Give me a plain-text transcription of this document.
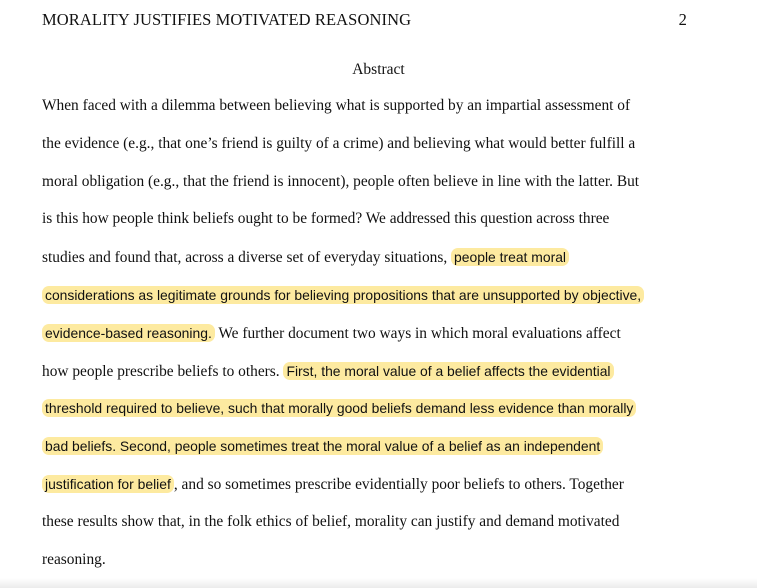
MORALITY JUSTIFIES MOTIVATED REASONING	2
Abstract
When faced with a dilemma between believing what is supported by an impartial assessment of
the evidence (e.g., that one’s friend is guilty of a crime) and believing what would better fulfill a
moral obligation (e.g., that the friend is innocent), people often believe in line with the latter. But
is this how people think beliefs ought to be formed? We addressed this question across three
studies and found that, across a diverse set of everyday situations, people treat moral
considerations as legitimate grounds for believing propositions that are unsupported by objective,
evidence-based reasoning. We further document two ways in which moral evaluations affect
how people prescribe beliefs to others. First, the moral value of a belief affects the evidential
threshold required to believe, such that morally good beliefs demand less evidence than morally
bad beliefs. Second, people sometimes treat the moral value of a belief as an independent
justification for belief , and so sometimes prescribe evidentially poor beliefs to others. Together
these results show that, in the folk ethics of belief, morality can justify and demand motivated
reasoning.
